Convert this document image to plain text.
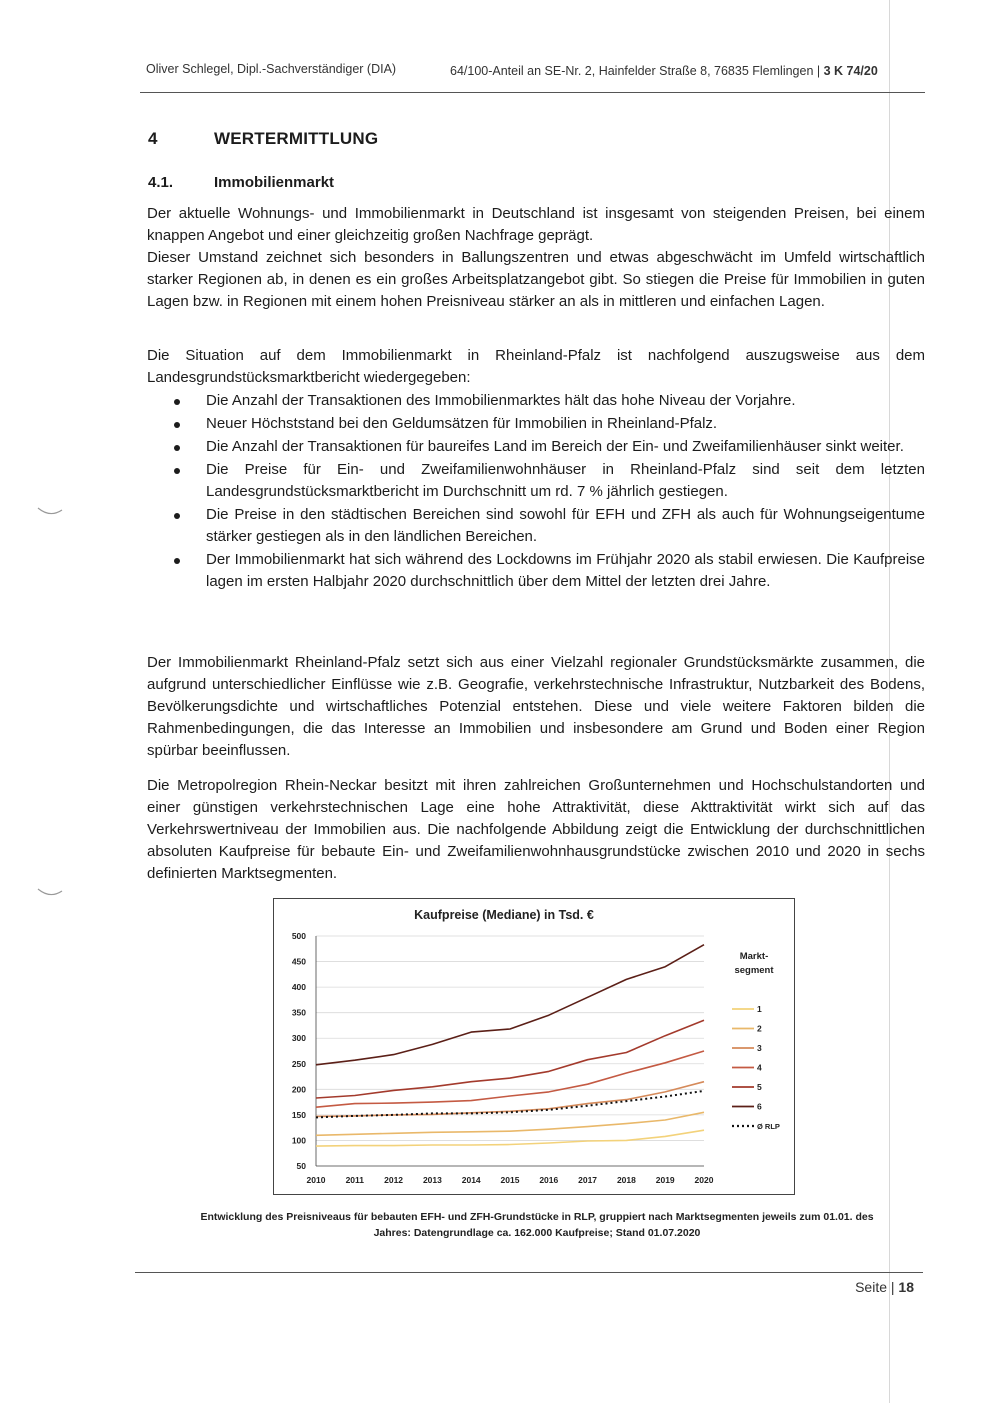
Oliver Schlegel, Dipl.-Sachverständiger (DIA)	64/100-Anteil an SE-Nr. 2, Hainfelder Straße 8, 76835 Flemlingen | 3 K 74/20
4	WERTERMITTLUNG
4.1.	Immobilienmarkt
Der aktuelle Wohnungs- und Immobilienmarkt in Deutschland ist insgesamt von steigenden Preisen, bei einem knappen Angebot und einer gleichzeitig großen Nachfrage geprägt.
Dieser Umstand zeichnet sich besonders in Ballungszentren und etwas abgeschwächt im Umfeld wirtschaftlich starker Regionen ab, in denen es ein großes Arbeitsplatzangebot gibt. So stiegen die Preise für Immobilien in guten Lagen bzw. in Regionen mit einem hohen Preisniveau stärker an als in mittleren und einfachen Lagen.

Die Situation auf dem Immobilienmarkt in Rheinland-Pfalz ist nachfolgend auszugsweise aus dem Landesgrundstücksmarktbericht wiedergegeben:

Die Anzahl der Transaktionen des Immobilienmarktes hält das hohe Niveau der Vorjahre.
Neuer Höchststand bei den Geldumsätzen für Immobilien in Rheinland-Pfalz.
Die Anzahl der Transaktionen für baureifes Land im Bereich der Ein- und Zweifamilienhäuser sinkt weiter.
Die Preise für Ein- und Zweifamilienwohnhäuser in Rheinland-Pfalz sind seit dem letzten Landesgrundstücksmarktbericht im Durchschnitt um rd. 7 % jährlich gestiegen.
Die Preise in den städtischen Bereichen sind sowohl für EFH und ZFH als auch für Wohnungseigentume stärker gestiegen als in den ländlichen Bereichen.
Der Immobilienmarkt hat sich während des Lockdowns im Frühjahr 2020 als stabil erwiesen. Die Kaufpreise lagen im ersten Halbjahr 2020 durchschnittlich über dem Mittel der letzten drei Jahre.

Der Immobilienmarkt Rheinland-Pfalz setzt sich aus einer Vielzahl regionaler Grundstücksmärkte zusammen, die aufgrund unterschiedlicher Einflüsse wie z.B. Geografie, verkehrstechnische Infrastruktur, Nutzbarkeit des Bodens, Bevölkerungsdichte und wirtschaftliches Potenzial entstehen. Diese und viele weitere Faktoren bilden die Rahmenbedingungen, die das Interesse an Immobilien und insbesondere am Grund und Boden einer Region spürbar beeinflussen.

Die Metropolregion Rhein-Neckar besitzt mit ihren zahlreichen Großunternehmen und Hochschulstandorten und einer günstigen verkehrstechnischen Lage eine hohe Attraktivität, diese Akttraktivität wirkt sich auf das Verkehrswertniveau der Immobilien aus. Die nachfolgende Abbildung zeigt die Entwicklung der durchschnittlichen absoluten Kaufpreise für bebaute Ein- und Zweifamilienwohnhausgrundstücke zwischen 2010 und 2020 in sechs definierten Marktsegmenten.

Kaufpreise (Mediane) in Tsd. €
50
100
150
200
250
300
350
400
450
500
2010 2011 2012 2013 2014 2015 2016 2017 2018 2019 2020
Markt-
segment
1
2
3
4
5
6
Ø RLP
Entwicklung des Preisniveaus für bebauten EFH- und ZFH-Grundstücke in RLP, gruppiert nach Marktsegmenten jeweils zum 01.01. des
Jahres: Datengrundlage ca. 162.000 Kaufpreise; Stand 01.07.2020
Seite | 18
